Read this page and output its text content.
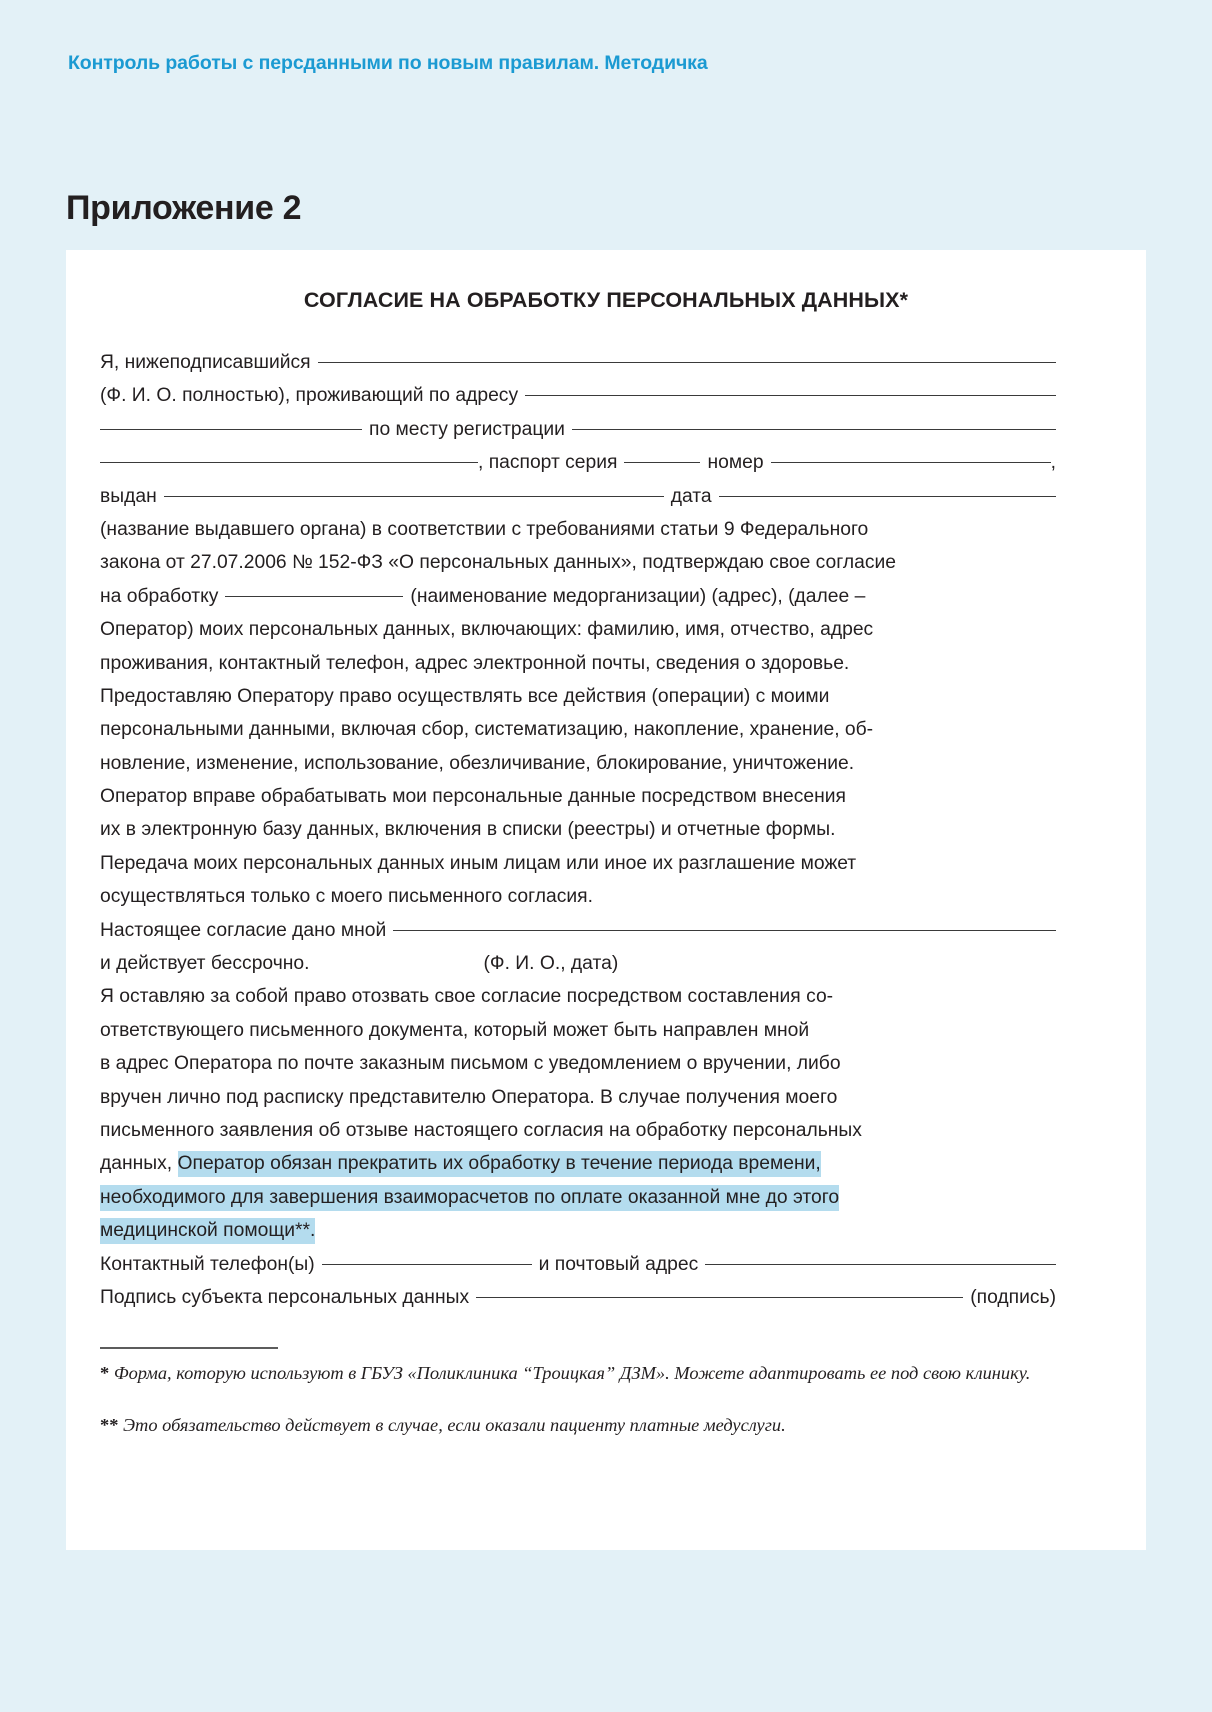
Контроль работы с персданными по новым правилам. Методичка
Приложение 2
СОГЛАСИЕ НА ОБРАБОТКУ ПЕРСОНАЛЬНЫХ ДАННЫХ*
Я, нижеподписавшийся
(Ф. И. О. полностью), проживающий по адресу
по месту регистрации
, паспорт серия	номер	,
выдан	дата
(название выдавшего органа) в соответствии с требованиями статьи 9 Федерального
закона от 27.07.2006 № 152-ФЗ «О персональных данных», подтверждаю свое согласие
на обработку	(наименование медорганизации) (адрес), (далее –
Оператор) моих персональных данных, включающих: фамилию, имя, отчество, адрес
проживания, контактный телефон, адрес электронной почты, сведения о здоровье.
Предоставляю Оператору право осуществлять все действия (операции) с моими
персональными данными, включая сбор, систематизацию, накопление, хранение, об-
новление, изменение, использование, обезличивание, блокирование, уничтожение.
Оператор вправе обрабатывать мои персональные данные посредством внесения
их в электронную базу данных, включения в списки (реестры) и отчетные формы.
Передача моих персональных данных иным лицам или иное их разглашение может
осуществляться только с моего письменного согласия.
Настоящее согласие дано мной
и действует бессрочно.	(Ф. И. О., дата)
Я оставляю за собой право отозвать свое согласие посредством составления со-
ответствующего письменного документа, который может быть направлен мной
в адрес Оператора по почте заказным письмом с уведомлением о вручении, либо
вручен лично под расписку представителю Оператора. В случае получения моего
письменного заявления об отзыве настоящего согласия на обработку персональных
данных, Оператор обязан прекратить их обработку в течение периода времени,
необходимого для завершения взаиморасчетов по оплате оказанной мне до этого
медицинской помощи**.
Контактный телефон(ы)	и почтовый адрес
Подпись субъекта персональных данных	(подпись)

* Форма, которую используют в ГБУЗ «Поликлиника “Троицкая” ДЗМ». Можете адаптировать ее под свою клинику.

** Это обязательство действует в случае, если оказали пациенту платные медуслуги.
